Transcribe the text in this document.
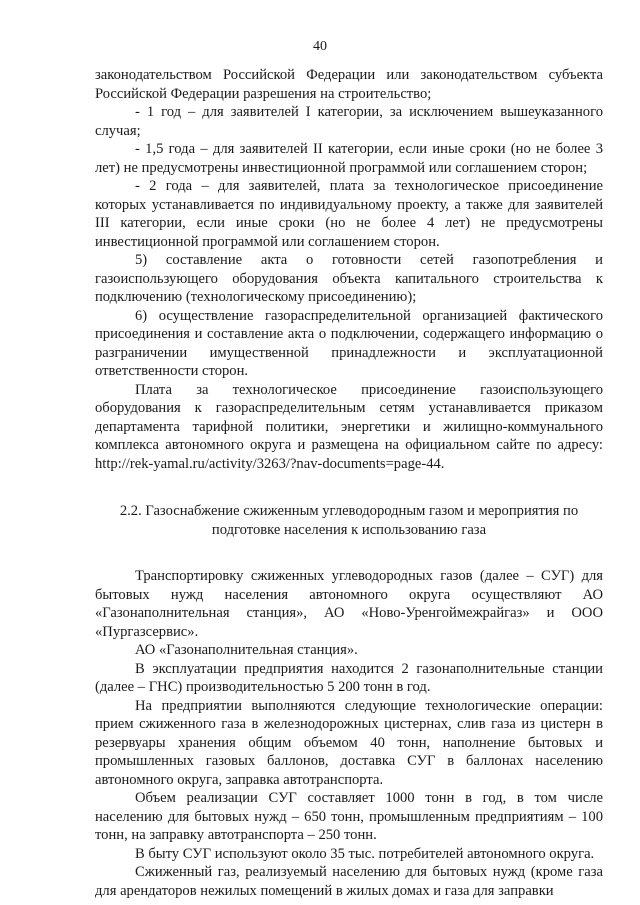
40

законодательством Российской Федерации или законодательством субъекта Российской Федерации разрешения на строительство;

- 1 год – для заявителей I категории, за исключением вышеуказанного случая;

- 1,5 года – для заявителей II категории, если иные сроки (но не более 3 лет) не предусмотрены инвестиционной программой или соглашением сторон;

- 2 года – для заявителей, плата за технологическое присоединение которых устанавливается по индивидуальному проекту, а также для заявителей III категории, если иные сроки (но не более 4 лет) не предусмотрены инвестиционной программой или соглашением сторон.

5) составление акта о готовности сетей газопотребления и газоиспользующего оборудования объекта капитального строительства к подключению (технологическому присоединению);

6) осуществление газораспределительной организацией фактического присоединения и составление акта о подключении, содержащего информацию о разграничении имущественной принадлежности и эксплуатационной ответственности сторон.

Плата за технологическое присоединение газоиспользующего оборудования к газораспределительным сетям устанавливается приказом департамента тарифной политики, энергетики и жилищно-коммунального комплекса автономного округа и размещена на официальном сайте по адресу: http://rek-yamal.ru/activity/3263/?nav-documents=page-44.

2.2. Газоснабжение сжиженным углеводородным газом и мероприятия по подготовке населения к использованию газа

Транспортировку сжиженных углеводородных газов (далее – СУГ) для бытовых нужд населения автономного округа осуществляют АО «Газонаполнительная станция», АО «Ново-Уренгоймежрайгаз» и ООО «Пургазсервис».

АО «Газонаполнительная станция».

В эксплуатации предприятия находится 2 газонаполнительные станции (далее – ГНС) производительностью 5 200 тонн в год.

На предприятии выполняются следующие технологические операции: прием сжиженного газа в железнодорожных цистернах, слив газа из цистерн в резервуары хранения общим объемом 40 тонн, наполнение бытовых и промышленных газовых баллонов, доставка СУГ в баллонах населению автономного округа, заправка автотранспорта.

Объем реализации СУГ составляет 1000 тонн в год, в том числе населению для бытовых нужд – 650 тонн, промышленным предприятиям – 100 тонн, на заправку автотранспорта – 250 тонн.

В быту СУГ используют около 35 тыс. потребителей автономного округа.

Сжиженный газ, реализуемый населению для бытовых нужд (кроме газа для арендаторов нежилых помещений в жилых домах и газа для заправки
